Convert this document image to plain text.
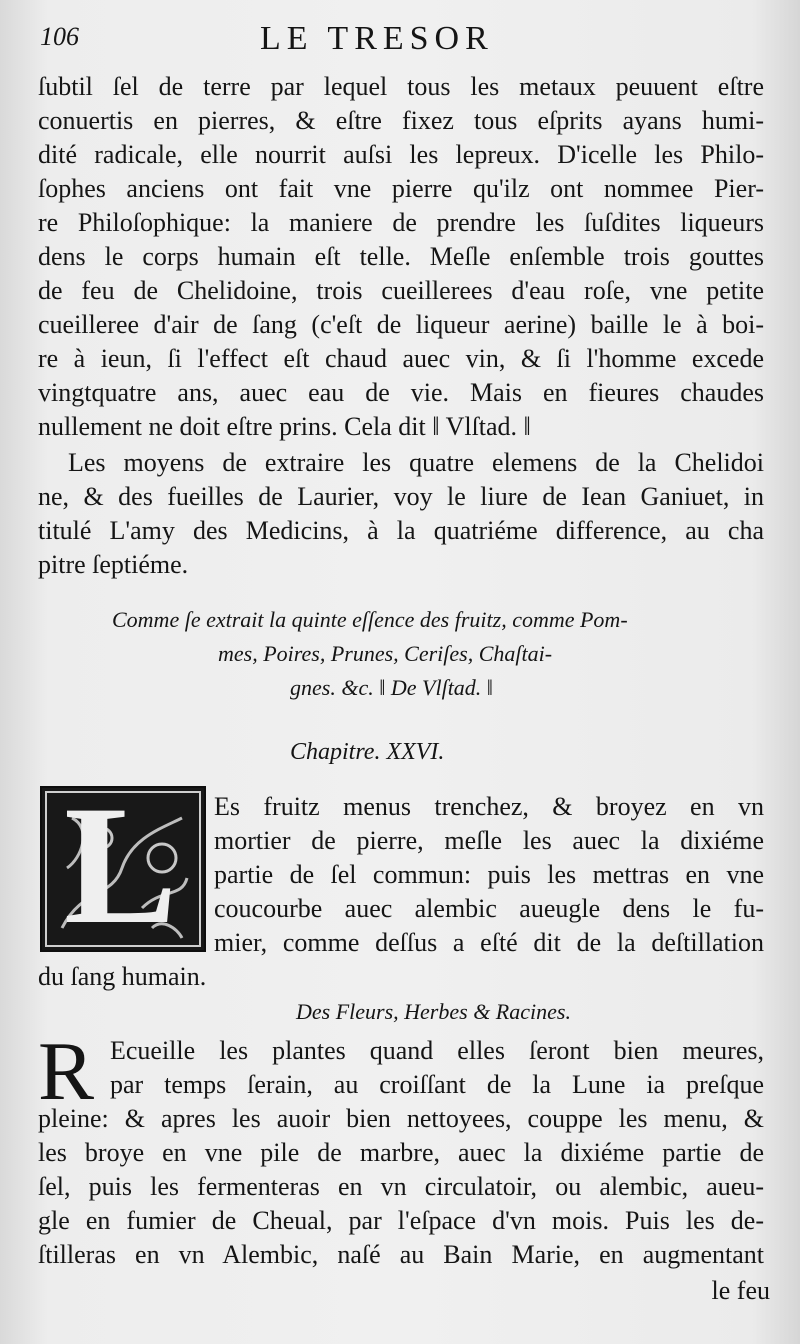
106	LE TRESOR
ſubtil ſel de terre par lequel tous les metaux peuuent eſtre
conuertis en pierres, & eſtre fixez tous eſprits ayans humi-
dité radicale, elle nourrit auſsi les lepreux. D'icelle les Philo-
ſophes anciens ont fait vne pierre qu'ilz ont nommee Pier-
re Philoſophique: la maniere de prendre les ſuſdites liqueurs
dens le corps humain eſt telle. Meſle enſemble trois gouttes
de feu de Chelidoine, trois cueillerees d'eau roſe, vne petite
cueilleree d'air de ſang (c'eſt de liqueur aerine) baille le à boi-
re à ieun, ſi l'effect eſt chaud auec vin, & ſi l'homme excede
vingtquatre ans, auec eau de vie. Mais en fieures chaudes
nullement ne doit eſtre prins. Cela dit ‖ Vlſtad. ‖
Les moyens de extraire les quatre elemens de la Chelidoi
ne, & des fueilles de Laurier, voy le liure de Iean Ganiuet, in
titulé L'amy des Medicins, à la quatriéme difference, au cha
pitre ſeptiéme.
Comme ſe extrait la quinte eſſence des fruitz, comme Pom-
mes, Poires, Prunes, Ceriſes, Chaſtai-
gnes. &c. ‖ De Vlſtad. ‖
Chapitre. XXVI.
L Es fruitz menus trenchez, & broyez en vn
mortier de pierre, meſle les auec la dixiéme
partie de ſel commun: puis les mettras en vne
coucourbe auec alembic aueugle dens le fu-
mier, comme deſſus a eſté dit de la deſtillation
du ſang humain.
Des Fleurs, Herbes & Racines.
R Ecueille les plantes quand elles ſeront bien meures,
par temps ſerain, au croiſſant de la Lune ia preſque
pleine: & apres les auoir bien nettoyees, couppe les menu, &
les broye en vne pile de marbre, auec la dixiéme partie de
ſel, puis les fermenteras en vn circulatoir, ou alembic, aueu-
gle en fumier de Cheual, par l'eſpace d'vn mois. Puis les de-
ſtilleras en vn Alembic, naſé au Bain Marie, en augmentant
le feu
